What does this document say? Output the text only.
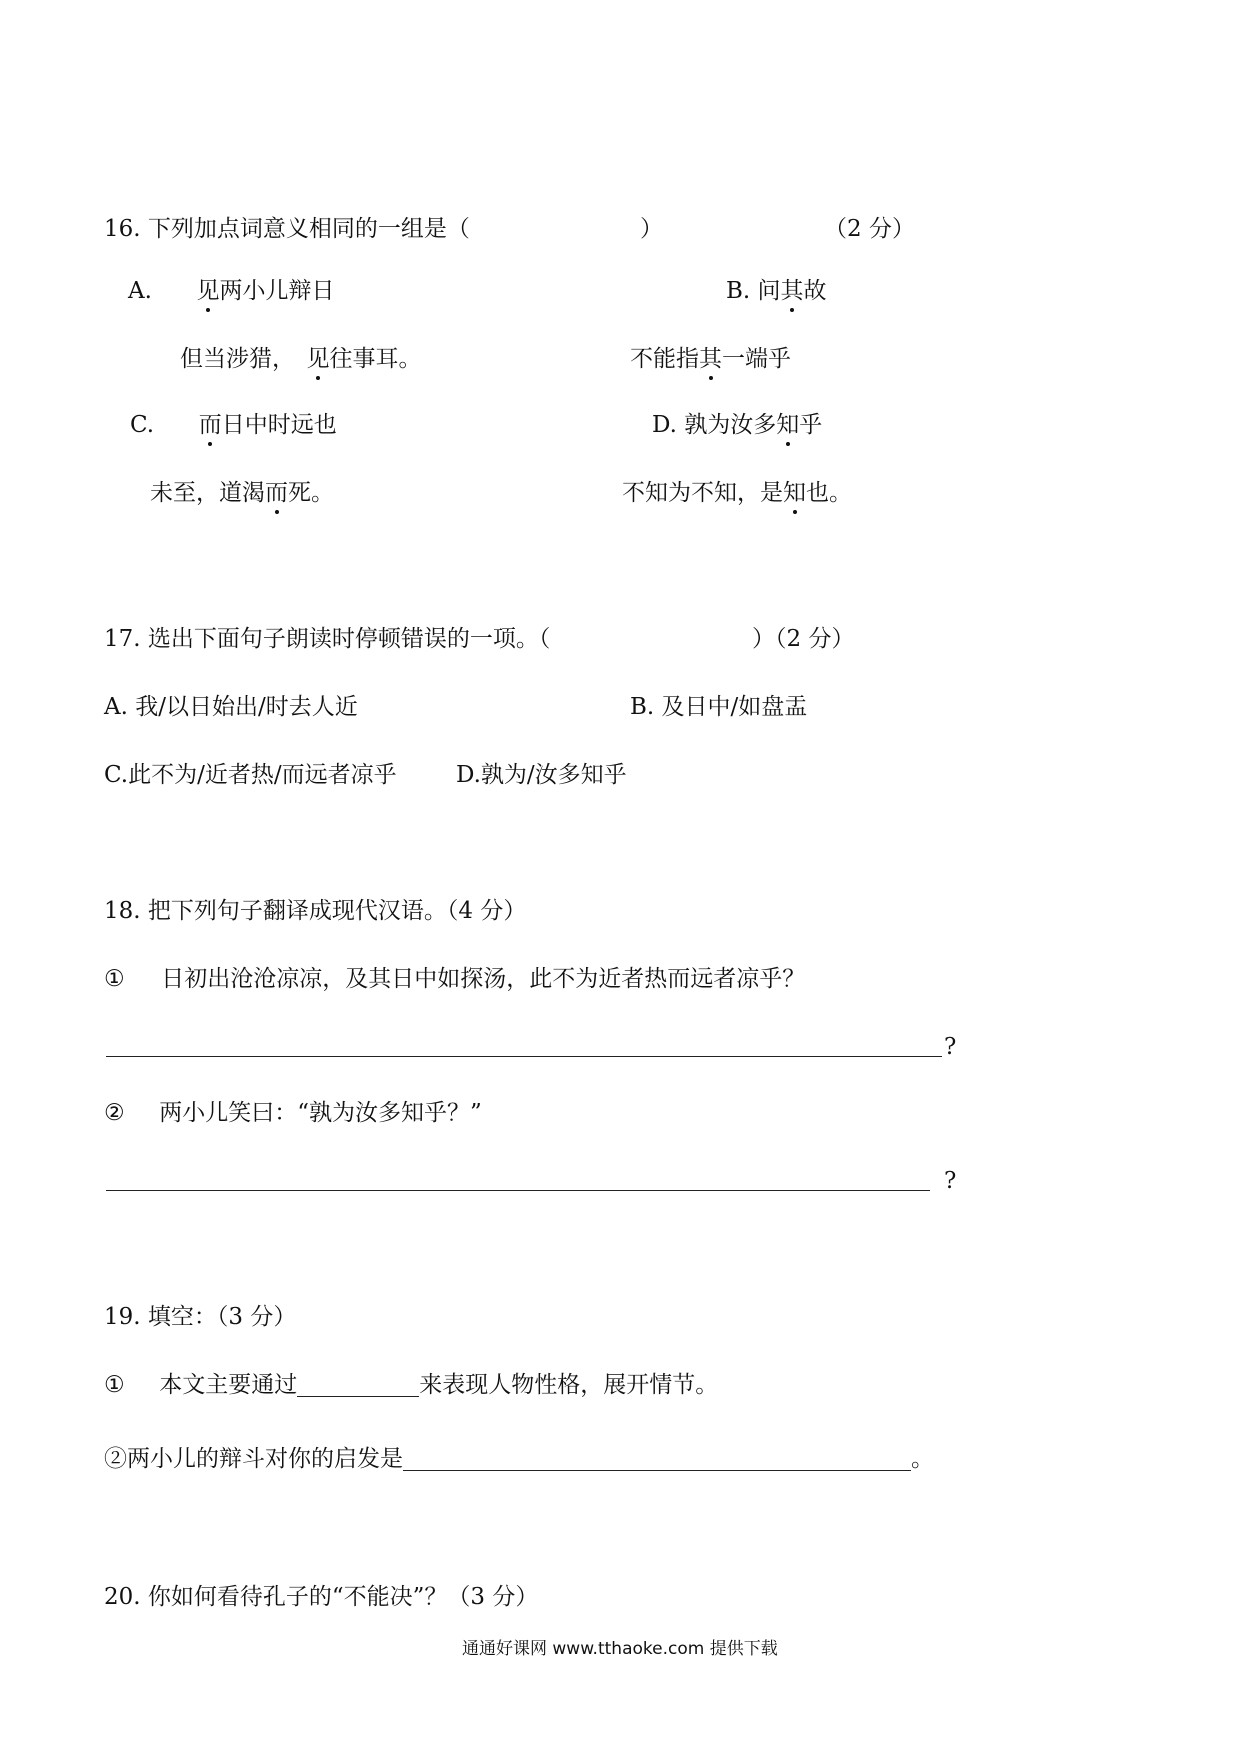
16. 下列加点词意义相同的一组是（	）	（2 分）
A. 见两小儿辩日
但当涉猎，　见往事耳。
B. 问其故
不能指其一端乎
C. 而日中时远也
未至，道渴而死。
D. 孰为汝多知乎
不知为不知，是知也。
17. 选出下面句子朗读时停顿错误的一项。（	）（2 分）
A. 我/以日始出/时去人近	B. 及日中/如盘盂
C.此不为/近者热/而远者凉乎	D.孰为/汝多知乎
18. 把下列句子翻译成现代汉语。（4 分）
① 日初出沧沧凉凉，及其日中如探汤，此不为近者热而远者凉乎？
?
② 两小儿笑曰：“孰为汝多知乎？”
?
19. 填空：（3 分）
① 本文主要通过	来表现人物性格，展开情节。
②两小儿的辩斗对你的启发是	。
20. 你如何看待孔子的“不能决”？（3 分）
通通好课网 www.tthaoke.com 提供下载
